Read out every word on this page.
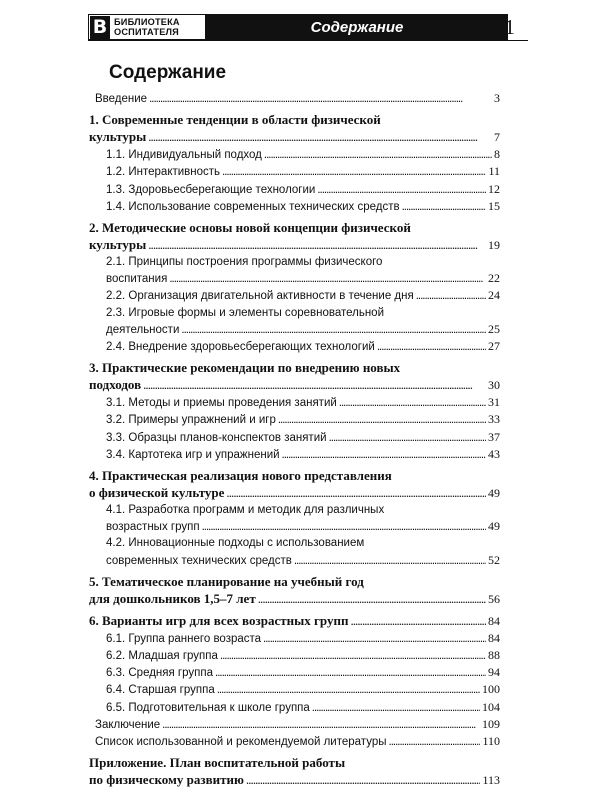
В БИБЛИОТЕКА
ОСПИТАТЕЛЯ	Содержание	111
Содержание
Введение . . .	3
1. Современные тенденции в области физической
культуры . . .	7
1.1. Индивидуальный подход . . .	8
1.2. Интерактивность . . .	11
1.3. Здоровьесберегающие технологии . . .	12
1.4. Использование современных технических средств . . .	15
2. Методические основы новой концепции физической
культуры . . .	19
2.1. Принципы построения программы физического
воспитания . . .	22
2.2. Организация двигательной активности в течение дня . . .	24
2.3. Игровые формы и элементы соревновательной
деятельности . . .	25
2.4. Внедрение здоровьесберегающих технологий . . .	27
3. Практические рекомендации по внедрению новых
подходов . . .	30
3.1. Методы и приемы проведения занятий . . .	31
3.2. Примеры упражнений и игр . . .	33
3.3. Образцы планов-конспектов занятий . . .	37
3.4. Картотека игр и упражнений . . .	43
4. Практическая реализация нового представления
о физической культуре . . .	49
4.1. Разработка программ и методик для различных
возрастных групп . . .	49
4.2. Инновационные подходы с использованием
современных технических средств . . .	52
5. Тематическое планирование на учебный год
для дошкольников 1,5–7 лет . . .	56
6. Варианты игр для всех возрастных групп . . .	84
6.1. Группа раннего возраста . . .	84
6.2. Младшая группа . . .	88
6.3. Средняя группа . . .	94
6.4. Старшая группа . . .	100
6.5. Подготовительная к школе группа . . .	104
Заключение . . .	109
Список использованной и рекомендуемой литературы . . .	110
Приложение. План воспитательной работы
по физическому развитию . . .	113
